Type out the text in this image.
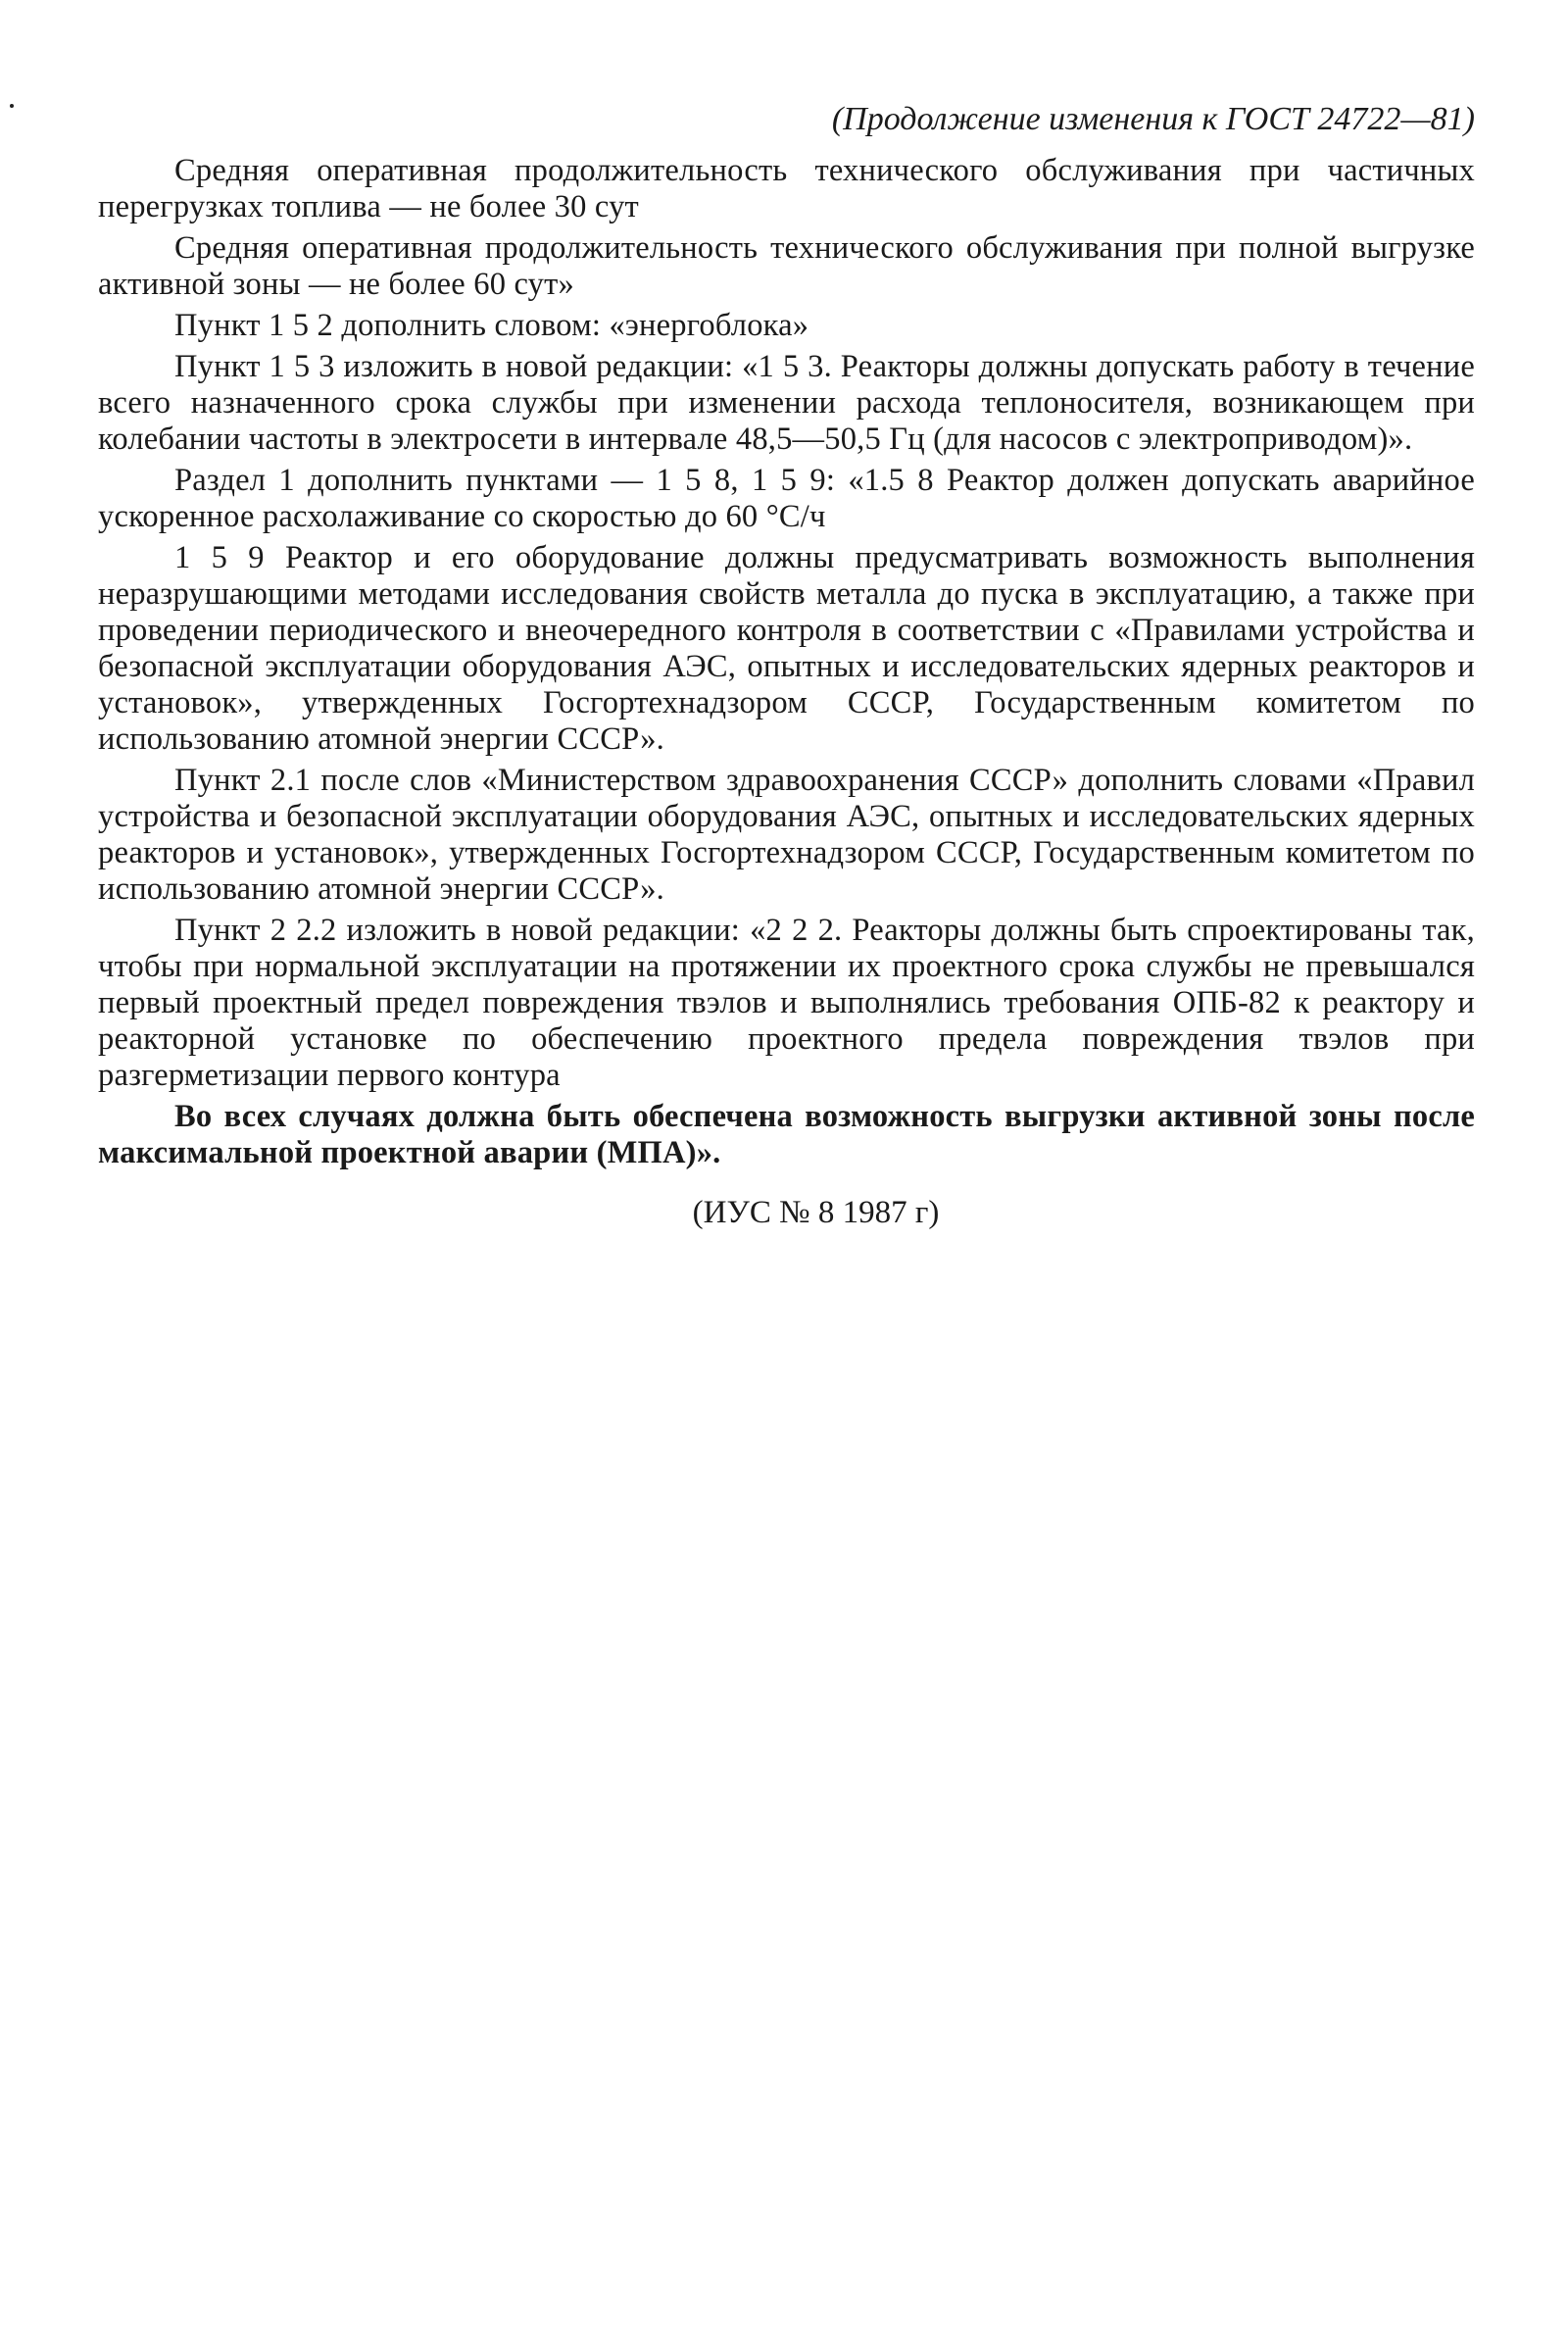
(Продолжение изменения к ГОСТ 24722—81)

Средняя оперативная продолжительность технического обслуживания при частичных перегрузках топлива — не более 30 сут

Средняя оперативная продолжительность технического обслуживания при полной выгрузке активной зоны — не более 60 сут»

Пункт 1 5 2 дополнить словом: «энергоблока»

Пункт 1 5 3 изложить в новой редакции: «1 5 3. Реакторы должны допускать работу в течение всего назначенного срока службы при изменении расхода теплоносителя, возникающем при колебании частоты в электросети в интервале 48,5—50,5 Гц (для насосов с электроприводом)».

Раздел 1 дополнить пунктами — 1 5 8, 1 5 9: «1.5 8 Реактор должен допускать аварийное ускоренное расхолаживание со скоростью до 60 °С/ч

1 5 9 Реактор и его оборудование должны предусматривать возможность выполнения неразрушающими методами исследования свойств металла до пуска в эксплуатацию, а также при проведении периодического и внеочередного контроля в соответствии с «Правилами устройства и безопасной эксплуатации оборудования АЭС, опытных и исследовательских ядерных реакторов и установок», утвержденных Госгортехнадзором СССР, Государственным комитетом по использованию атомной энергии СССР».

Пункт 2.1 после слов «Министерством здравоохранения СССР» дополнить словами «Правил устройства и безопасной эксплуатации оборудования АЭС, опытных и исследовательских ядерных реакторов и установок», утвержденных Госгортехнадзором СССР, Государственным комитетом по использованию атомной энергии СССР».

Пункт 2 2.2 изложить в новой редакции: «2 2 2. Реакторы должны быть спроектированы так, чтобы при нормальной эксплуатации на протяжении их проектного срока службы не превышался первый проектный предел повреждения твэлов и выполнялись требования ОПБ-82 к реактору и реакторной установке по обеспечению проектного предела повреждения твэлов при разгерметизации первого контура

Во всех случаях должна быть обеспечена возможность выгрузки активной зоны после максимальной проектной аварии (МПА)».

(ИУС № 8 1987 г)
